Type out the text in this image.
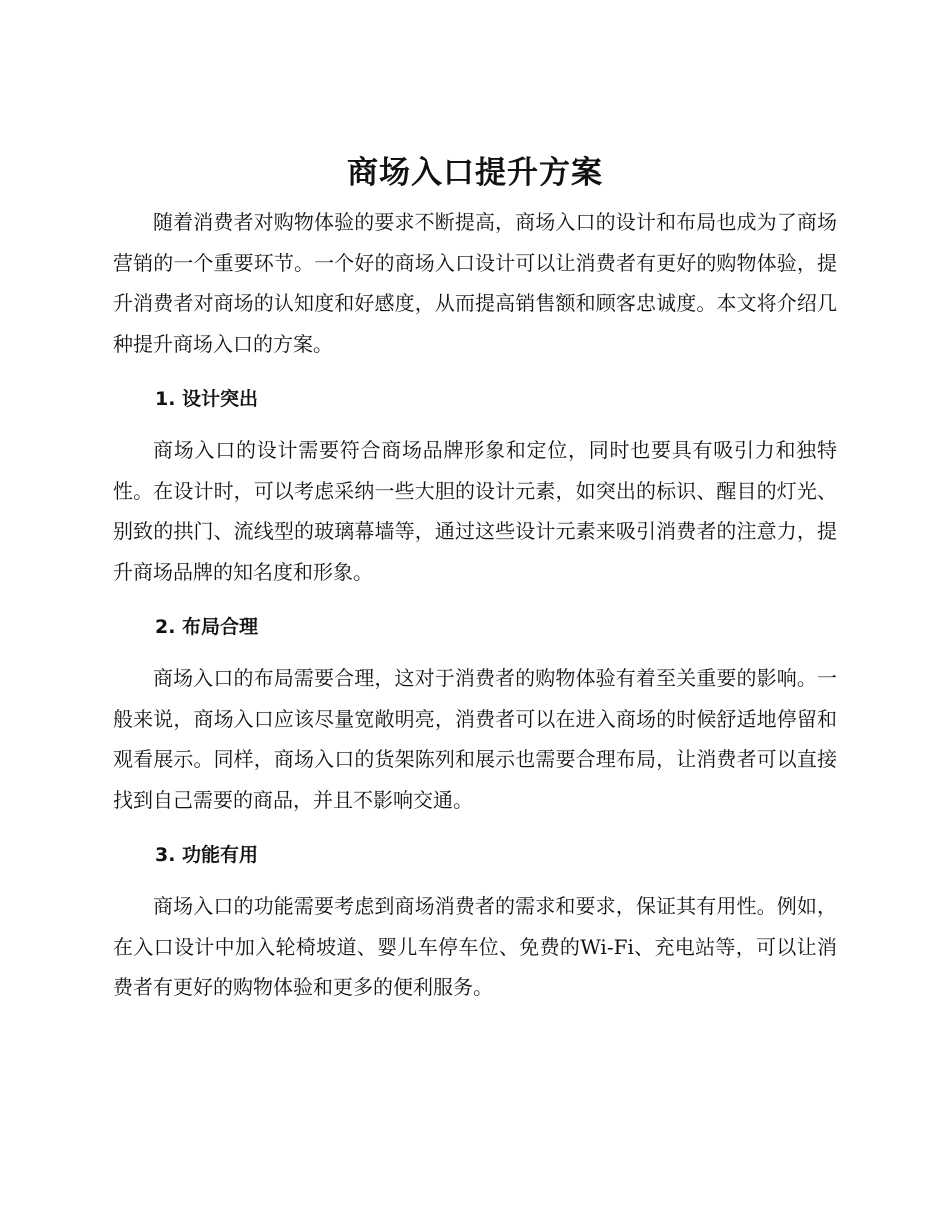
商场入口提升方案

随着消费者对购物体验的要求不断提高，商场入口的设计和布局也成为了商场营销的一个重要环节。一个好的商场入口设计可以让消费者有更好的购物体验，提升消费者对商场的认知度和好感度，从而提高销售额和顾客忠诚度。本文将介绍几种提升商场入口的方案。

1. 设计突出

商场入口的设计需要符合商场品牌形象和定位，同时也要具有吸引力和独特性。在设计时，可以考虑采纳一些大胆的设计元素，如突出的标识、醒目的灯光、别致的拱门、流线型的玻璃幕墙等，通过这些设计元素来吸引消费者的注意力，提升商场品牌的知名度和形象。

2. 布局合理

商场入口的布局需要合理，这对于消费者的购物体验有着至关重要的影响。一般来说，商场入口应该尽量宽敞明亮，消费者可以在进入商场的时候舒适地停留和观看展示。同样，商场入口的货架陈列和展示也需要合理布局，让消费者可以直接找到自己需要的商品，并且不影响交通。

3. 功能有用

商场入口的功能需要考虑到商场消费者的需求和要求，保证其有用性。例如，在入口设计中加入轮椅坡道、婴儿车停车位、免费的Wi-Fi、充电站等，可以让消费者有更好的购物体验和更多的便利服务。
